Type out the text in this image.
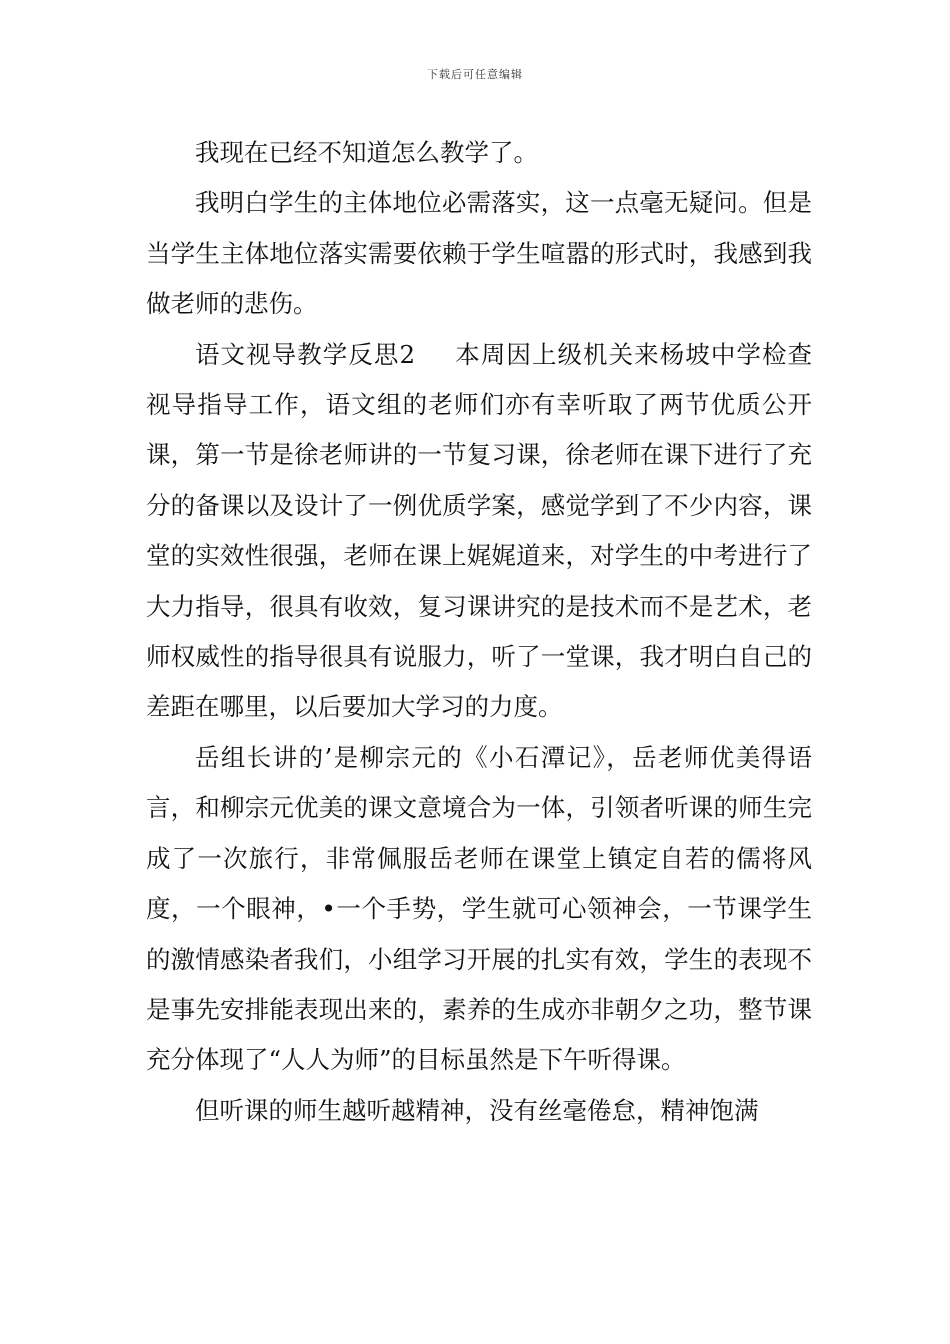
下载后可任意编辑

我现在已经不知道怎么教学了。

我明白学生的主体地位必需落实，这一点毫无疑问。但是当学生主体地位落实需要依赖于学生喧嚣的形式时，我感到我做老师的悲伤。

语文视导教学反思2 本周因上级机关来杨坡中学检查视导指导工作，语文组的老师们亦有幸听取了两节优质公开课，第一节是徐老师讲的一节复习课，徐老师在课下进行了充分的备课以及设计了一例优质学案，感觉学到了不少内容，课堂的实效性很强，老师在课上娓娓道来，对学生的中考进行了大力指导，很具有收效，复习课讲究的是技术而不是艺术，老师权威性的指导很具有说服力，听了一堂课，我才明白自己的差距在哪里，以后要加大学习的力度。

岳组长讲的’是柳宗元的《小石潭记》，岳老师优美得语言，和柳宗元优美的课文意境合为一体，引领者听课的师生完成了一次旅行，非常佩服岳老师在课堂上镇定自若的儒将风度，一个眼神，•一个手势，学生就可心领神会，一节课学生的激情感染者我们，小组学习开展的扎实有效，学生的表现不是事先安排能表现出来的，素养的生成亦非朝夕之功，整节课充分体现了“人人为师”的目标虽然是下午听得课。

但听课的师生越听越精神，没有丝毫倦怠，精神饱满
